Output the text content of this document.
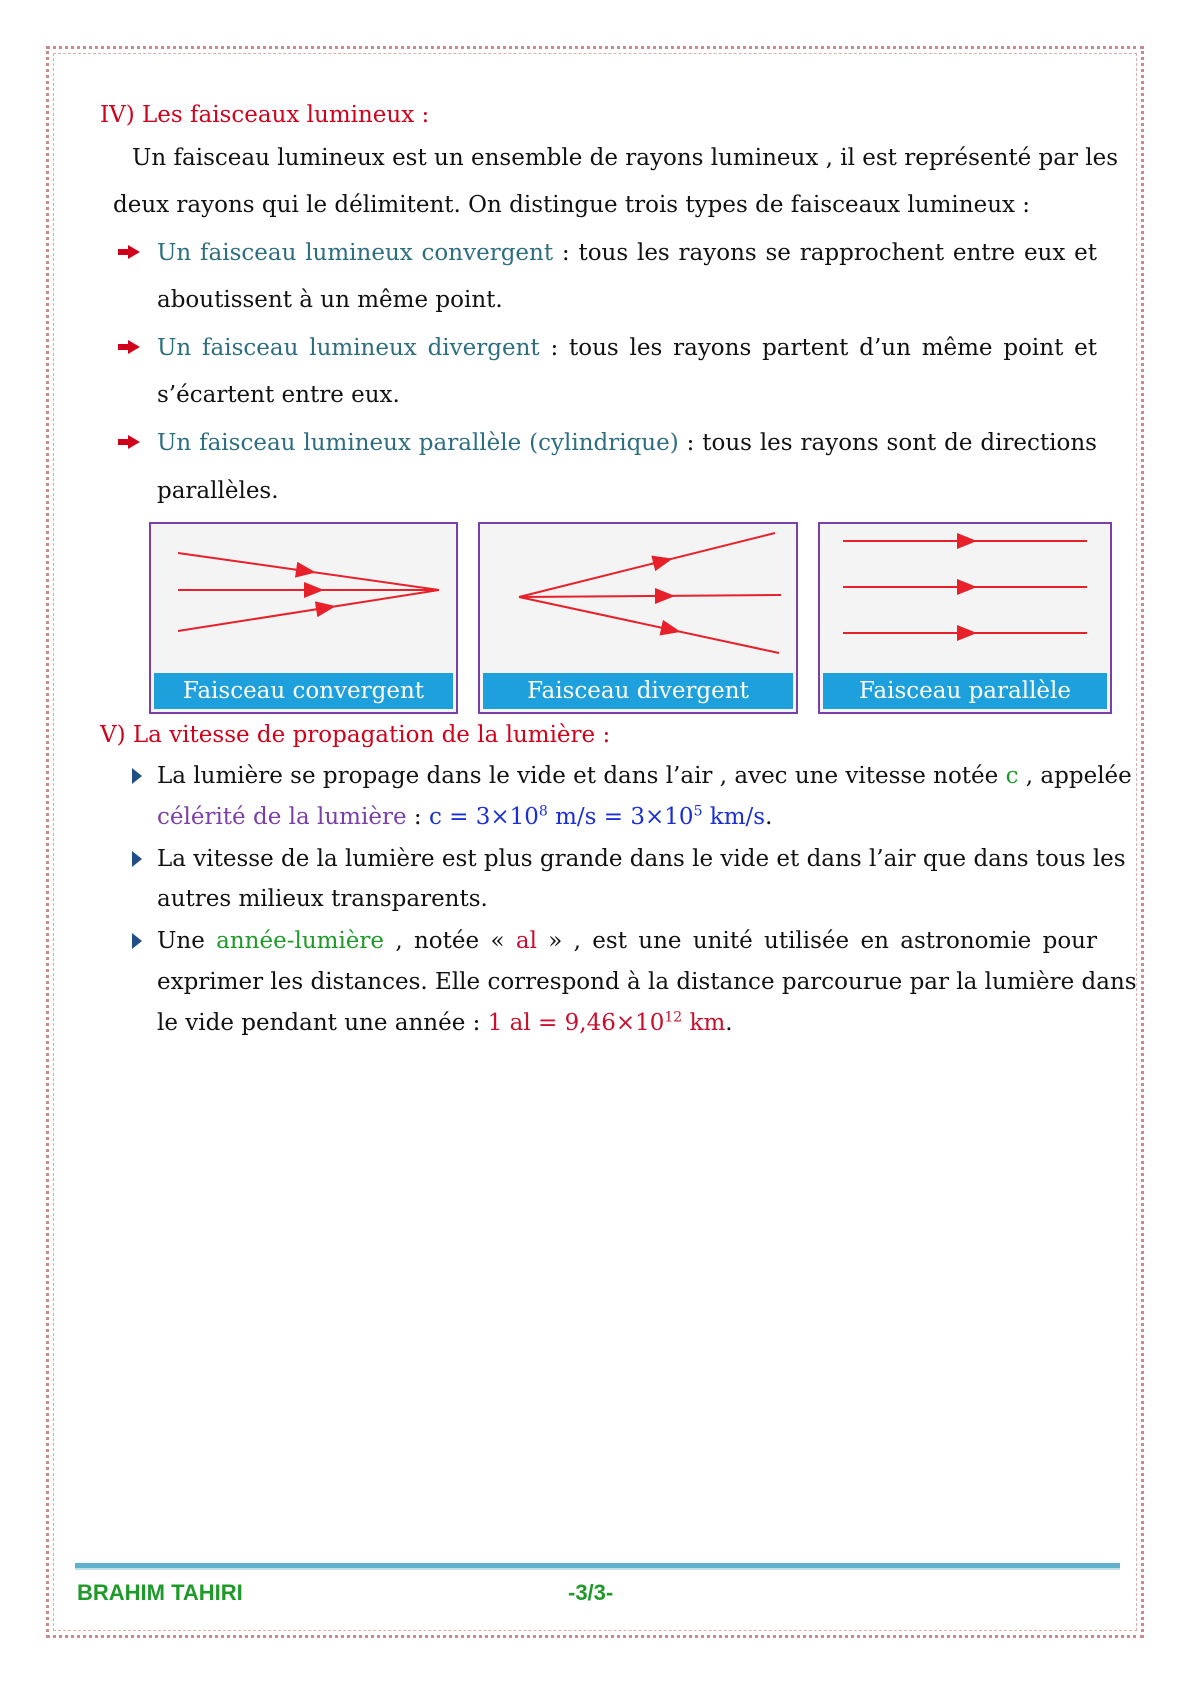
IV) Les faisceaux lumineux :
Un faisceau lumineux est un ensemble de rayons lumineux , il est représenté par les
deux rayons qui le délimitent. On distingue trois types de faisceaux lumineux :
Un faisceau lumineux convergent : tous les rayons se rapprochent entre eux et
aboutissent à un même point.
Un faisceau lumineux divergent : tous les rayons partent d’un même point et
s’écartent entre eux.
Un faisceau lumineux parallèle (cylindrique) : tous les rayons sont de directions
parallèles.
Faisceau convergent	Faisceau divergent	Faisceau parallèle
V) La vitesse de propagation de la lumière :
La lumière se propage dans le vide et dans l’air , avec une vitesse notée c , appelée
célérité de la lumière : $c = 3\times 10^8$ $m/s = 3\times 10^5$ km/s.
La vitesse de la lumière est plus grande dans le vide et dans l’air que dans tous les
autres milieux transparents.
Une année-lumière , notée « al » , est une unité utilisée en astronomie pour
exprimer les distances. Elle correspond à la distance parcourue par la lumière dans
le vide pendant une année : 1 al = $9,46\times 10^{12}$ km.
BRAHIM TAHIRI	-3/3-
